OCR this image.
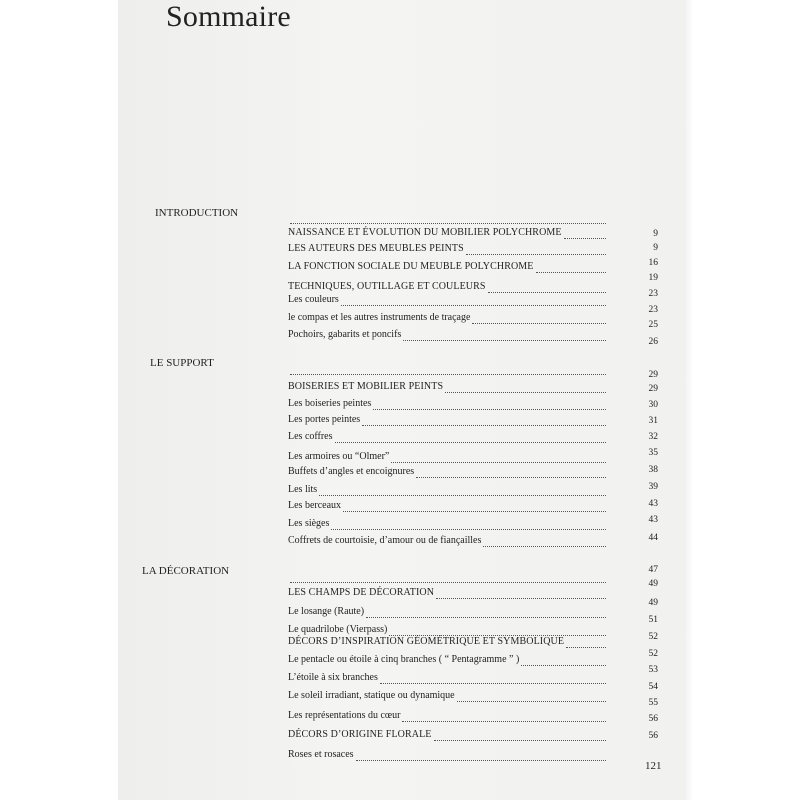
Sommaire
INTRODUCTION
LE SUPPORT
LA DÉCORATION
NAISSANCE ET ÉVOLUTION DU MOBILIER POLYCHROME
LES AUTEURS DES MEUBLES PEINTS
LA FONCTION SOCIALE DU MEUBLE POLYCHROME
TECHNIQUES, OUTILLAGE ET COULEURS
Les couleurs
le compas et les autres instruments de traçage
Pochoirs, gabarits et poncifs
BOISERIES ET MOBILIER PEINTS
Les boiseries peintes
Les portes peintes
Les coffres
Les armoires ou “Olmer”
Buffets d’angles et encoignures
Les lits
Les berceaux
Les sièges
Coffrets de courtoisie, d’amour ou de fiançailles
LES CHAMPS DE DÉCORATION
Le losange (Raute)
Le quadrilobe (Vierpass)
DÉCORS D’INSPIRATION GÉOMÉTRIQUE ET SYMBOLIQUE
Le pentacle ou étoile à cinq branches ( “ Pentagramme ” )
L’étoile à six branches
Le soleil irradiant, statique ou dynamique
Les représentations du cœur
DÉCORS D’ORIGINE FLORALE
Roses et rosaces
9
9
16
19
23
23
25
26
29
29
30
31
32
35
38
39
43
43
44
47
49
49
51
52
52
53
54
55
56
56
121
